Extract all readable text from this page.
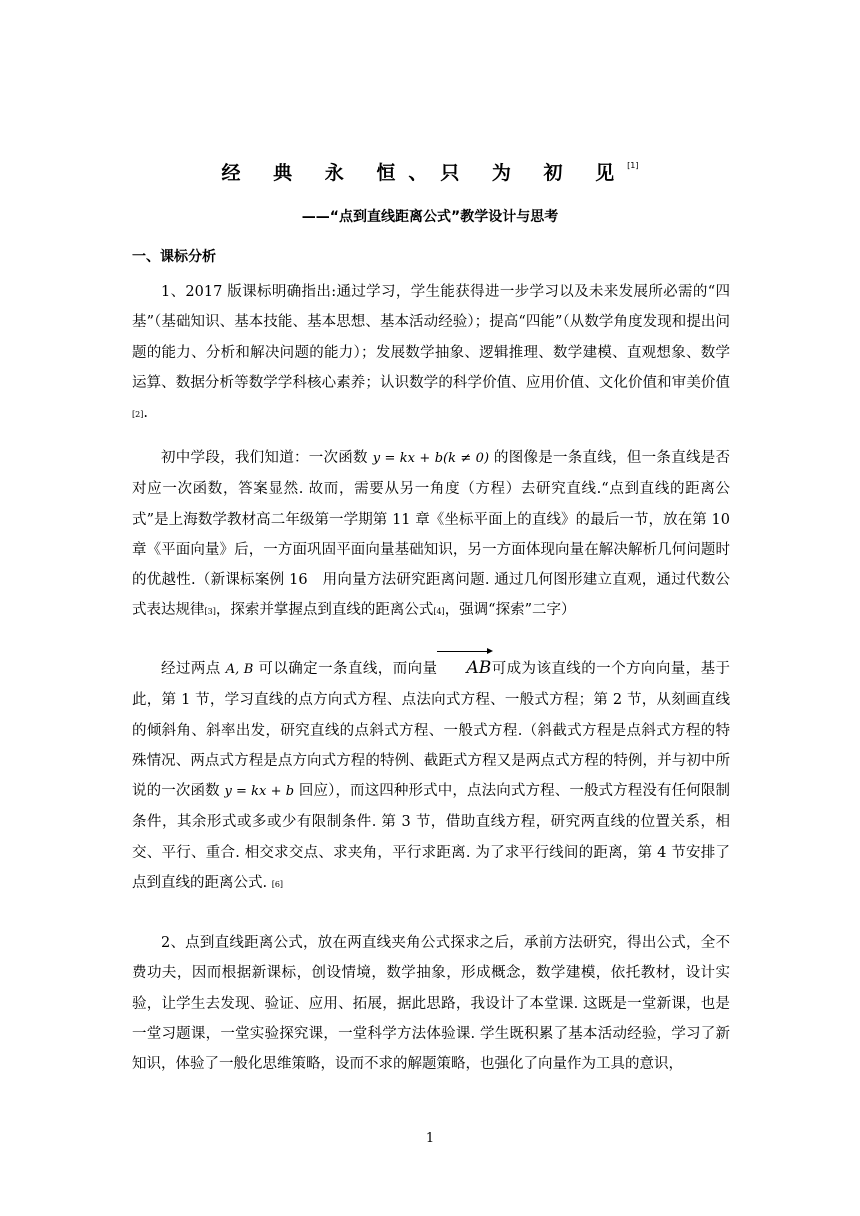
经 典 永 恒、只 为 初 见[1]
——“点到直线距离公式”教学设计与思考
一、课标分析
1、2017 版课标明确指出:通过学习，学生能获得进一步学习以及未来发展所必需的“四基”（基础知识、基本技能、基本思想、基本活动经验）；提高“四能”（从数学角度发现和提出问题的能力、分析和解决问题的能力）；发展数学抽象、逻辑推理、数学建模、直观想象、数学运算、数据分析等数学学科核心素养；认识数学的科学价值、应用价值、文化价值和审美价值[2].
初中学段，我们知道：一次函数 y = kx + b(k ≠ 0) 的图像是一条直线，但一条直线是否对应一次函数，答案显然. 故而，需要从另一角度（方程）去研究直线.“点到直线的距离公式”是上海数学教材高二年级第一学期第 11 章《坐标平面上的直线》的最后一节，放在第 10 章《平面向量》后，一方面巩固平面向量基础知识，另一方面体现向量在解决解析几何问题时的优越性.（新课标案例 16　用向量方法研究距离问题. 通过几何图形建立直观，通过代数公式表达规律[3]，探索并掌握点到直线的距离公式[4]，强调“探索”二字）
经过两点 A, B 可以确定一条直线，而向量 AB可成为该直线的一个方向向量，基于此，第 1 节，学习直线的点方向式方程、点法向式方程、一般式方程；第 2 节，从刻画直线的倾斜角、斜率出发，研究直线的点斜式方程、一般式方程.（斜截式方程是点斜式方程的特殊情况、两点式方程是点方向式方程的特例、截距式方程又是两点式方程的特例，并与初中所说的一次函数 y = kx + b 回应），而这四种形式中，点法向式方程、一般式方程没有任何限制条件，其余形式或多或少有限制条件. 第 3 节，借助直线方程，研究两直线的位置关系，相交、平行、重合. 相交求交点、求夹角，平行求距离. 为了求平行线间的距离，第 4 节安排了点到直线的距离公式. [6]
2、点到直线距离公式，放在两直线夹角公式探求之后，承前方法研究，得出公式，全不费功夫，因而根据新课标，创设情境，数学抽象，形成概念，数学建模，依托教材，设计实验，让学生去发现、验证、应用、拓展，据此思路，我设计了本堂课. 这既是一堂新课，也是一堂习题课，一堂实验探究课，一堂科学方法体验课. 学生既积累了基本活动经验，学习了新知识，体验了一般化思维策略，设而不求的解题策略，也强化了向量作为工具的意识，
1
